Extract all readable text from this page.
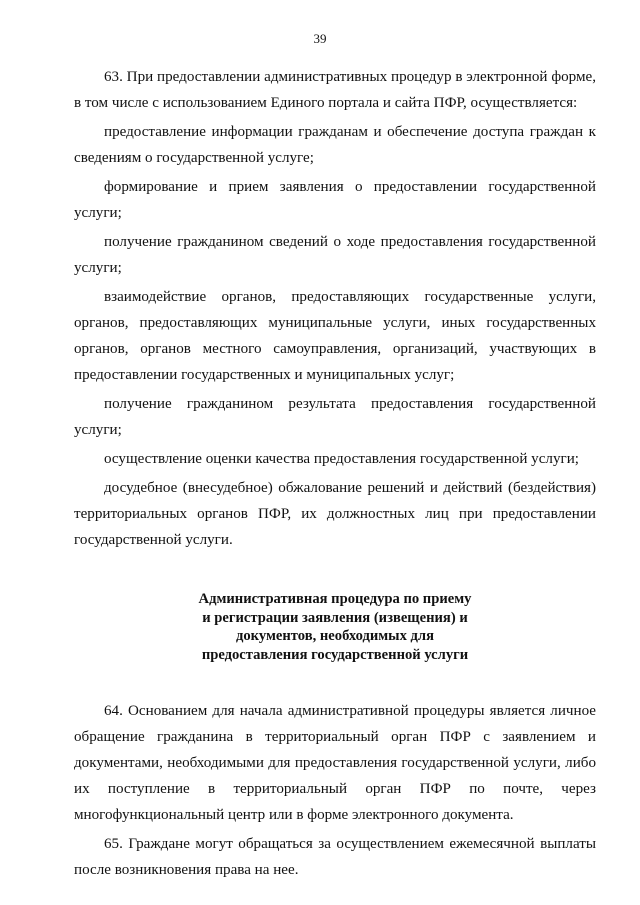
39

63. При предоставлении административных процедур в электронной форме, в том числе с использованием Единого портала и сайта ПФР, осуществляется:

предоставление информации гражданам и обеспечение доступа граждан к сведениям о государственной услуге;

формирование и прием заявления о предоставлении государственной услуги;

получение гражданином сведений о ходе предоставления государственной услуги;

взаимодействие органов, предоставляющих государственные услуги, органов, предоставляющих муниципальные услуги, иных государственных органов, органов местного самоуправления, организаций, участвующих в предоставлении государственных и муниципальных услуг;

получение гражданином результата предоставления государственной услуги;

осуществление оценки качества предоставления государственной услуги;

досудебное (внесудебное) обжалование решений и действий (бездействия) территориальных органов ПФР, их должностных лиц при предоставлении государственной услуги.

Административная процедура по приему
и регистрации заявления (извещения) и
документов, необходимых для
предоставления государственной услуги

64. Основанием для начала административной процедуры является личное обращение гражданина в территориальный орган ПФР с заявлением и документами, необходимыми для предоставления государственной услуги, либо их поступление в территориальный орган ПФР по почте, через многофункциональный центр или в форме электронного документа.

65. Граждане могут обращаться за осуществлением ежемесячной выплаты после возникновения права на нее.
